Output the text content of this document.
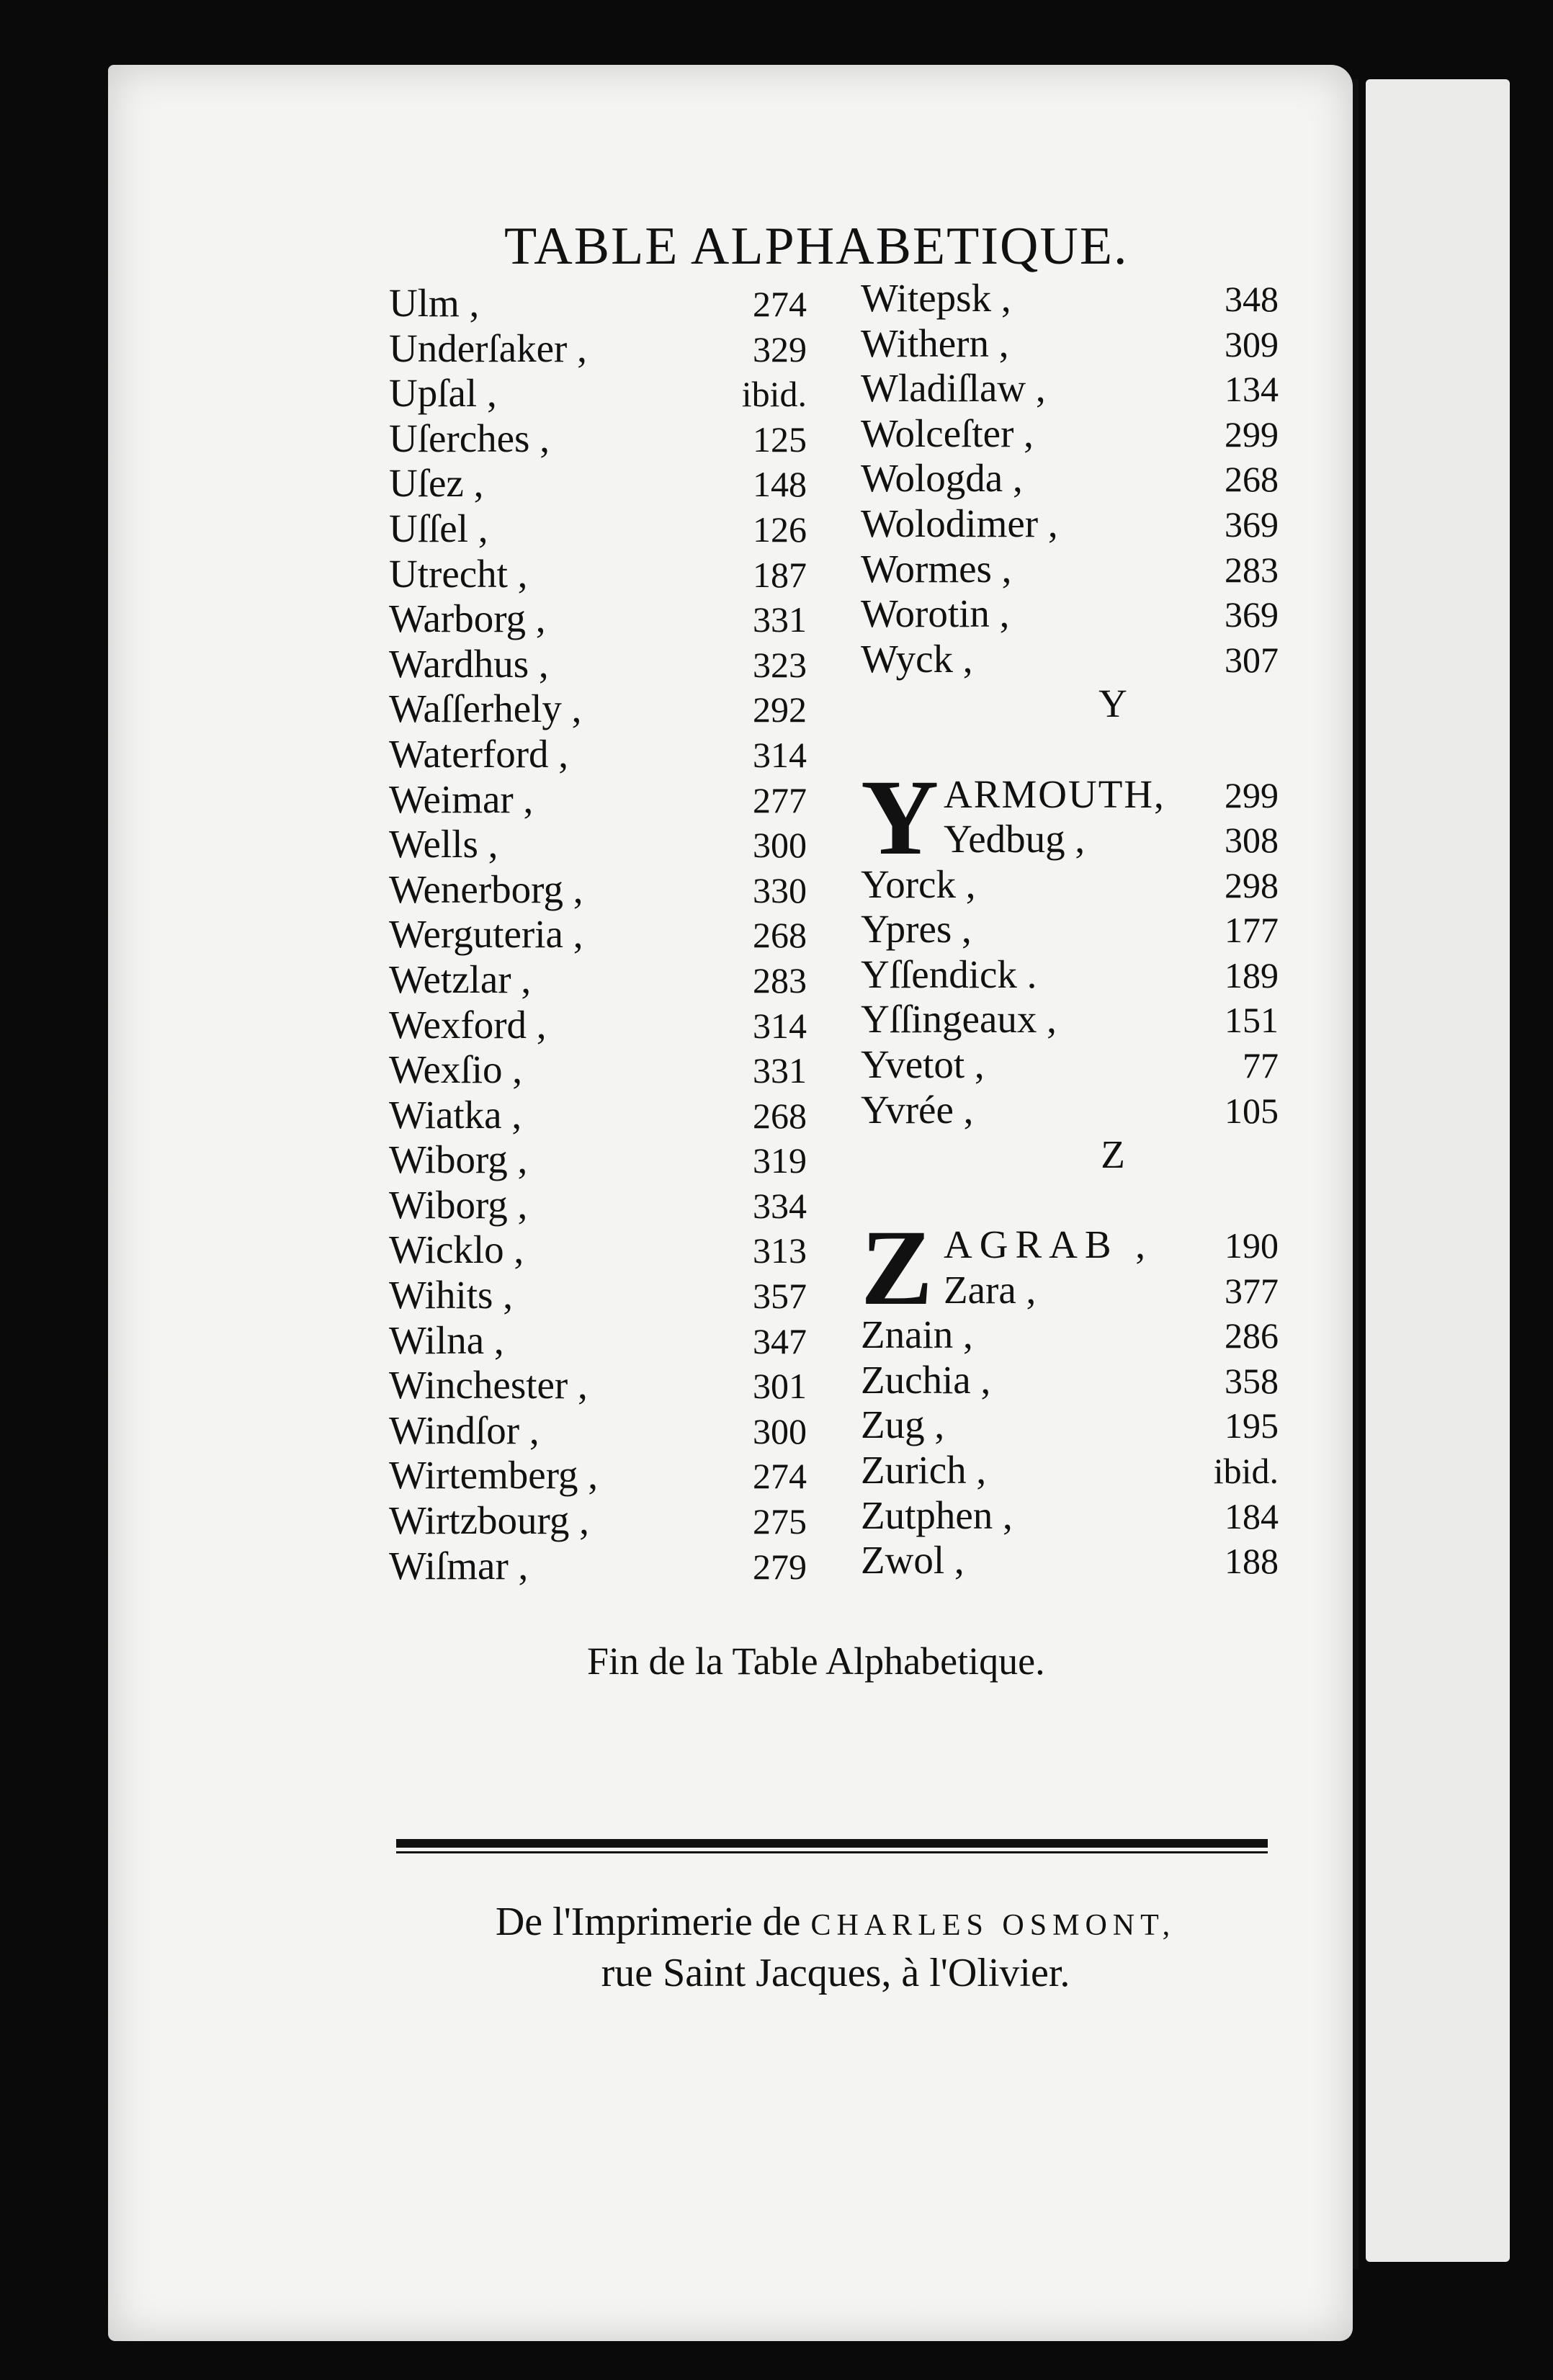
TABLE ALPHABETIQUE.
Ulm ,	274
Underſaker ,	329
Upſal ,	ibid.
Uſerches ,	125
Uſez ,	148
Uſſel ,	126
Utrecht ,	187
Warborg ,	331
Wardhus ,	323
Waſſerhely ,	292
Waterford ,	314
Weimar ,	277
Wells ,	300
Wenerborg ,	330
Werguteria ,	268
Wetzlar ,	283
Wexford ,	314
Wexſio ,	331
Wiatka ,	268
Wiborg ,	319
Wiborg ,	334
Wicklo ,	313
Wihits ,	357
Wilna ,	347
Winchester ,	301
Windſor ,	300
Wirtemberg ,	274
Wirtzbourg ,	275
Wiſmar ,	279
Witepsk ,	348
Withern ,	309
Wladiſlaw ,	134
Wolceſter ,	299
Wologda ,	268
Wolodimer ,	369
Wormes ,	283
Worotin ,	369
Wyck ,	307
Y
Y ARMOUTH, 299
Yedbug ,	308
Yorck ,	298
Ypres ,	177
Yſſendick .	189
Yſſingeaux ,	151
Yvetot ,	77
Yvrée ,	105
Z
Z AGRAB , 190
Zara ,	377
Znain ,	286
Zuchia ,	358
Zug ,	195
Zurich ,	ibid.
Zutphen ,	184
Zwol ,	188
Fin de la Table Alphabetique.
De l'Imprimerie de CHARLES OSMONT,
rue Saint Jacques, à l'Olivier.
